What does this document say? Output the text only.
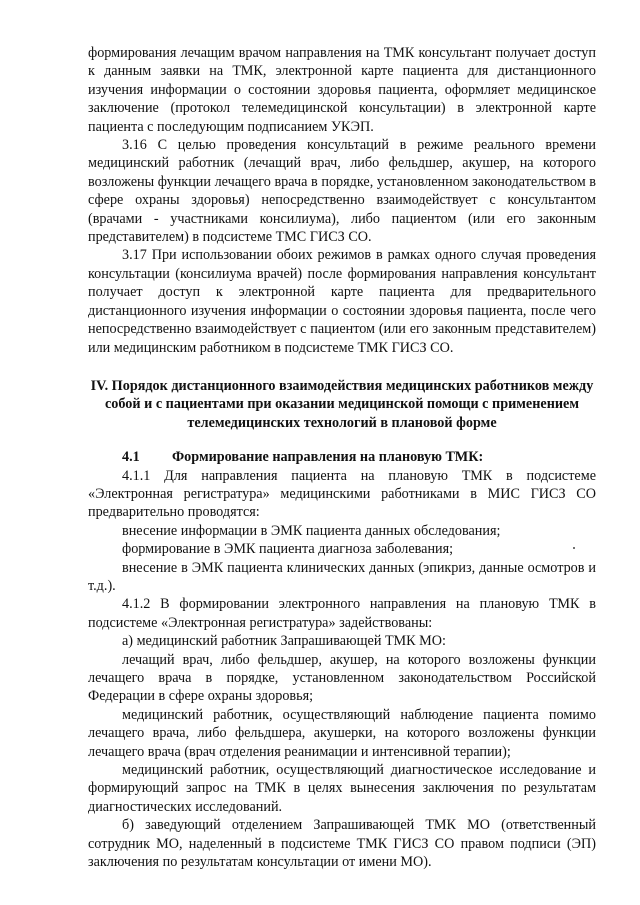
формирования лечащим врачом направления на ТМК консультант получает доступ к данным заявки на ТМК, электронной карте пациента для дистанционного изучения информации о состоянии здоровья пациента, оформляет медицинское заключение (протокол телемедицинской консультации) в электронной карте пациента с последующим подписанием УКЭП.

3.16 С целью проведения консультаций в режиме реального времени медицинский работник (лечащий врач, либо фельдшер, акушер, на которого возложены функции лечащего врача в порядке, установленном законодательством в сфере охраны здоровья) непосредственно взаимодействует с консультантом (врачами - участниками консилиума), либо пациентом (или его законным представителем) в подсистеме ТМС ГИСЗ СО.

3.17 При использовании обоих режимов в рамках одного случая проведения консультации (консилиума врачей) после формирования направления консультант получает доступ к электронной карте пациента для предварительного дистанционного изучения информации о состоянии здоровья пациента, после чего непосредственно взаимодействует с пациентом (или его законным представителем) или медицинским работником в подсистеме ТМК ГИСЗ СО.

IV. Порядок дистанционного взаимодействия медицинских работников между собой и с пациентами при оказании медицинской помощи с применением телемедицинских технологий в плановой форме
4.1 Формирование направления на плановую ТМК:

4.1.1 Для направления пациента на плановую ТМК в подсистеме «Электронная регистратура» медицинскими работниками в МИС ГИСЗ СО предварительно проводятся:

внесение информации в ЭМК пациента данных обследования;

формирование в ЭМК пациента диагноза заболевания;

внесение в ЭМК пациента клинических данных (эпикриз, данные осмотров и т.д.).

4.1.2 В формировании электронного направления на плановую ТМК в подсистеме «Электронная регистратура» задействованы:

а) медицинский работник Запрашивающей ТМК МО:

лечащий врач, либо фельдшер, акушер, на которого возложены функции лечащего врача в порядке, установленном законодательством Российской Федерации в сфере охраны здоровья;

медицинский работник, осуществляющий наблюдение пациента помимо лечащего врача, либо фельдшера, акушерки, на которого возложены функции лечащего врача (врач отделения реанимации и интенсивной терапии);

медицинский работник, осуществляющий диагностическое исследование и формирующий запрос на ТМК в целях вынесения заключения по результатам диагностических исследований.

б) заведующий отделением Запрашивающей ТМК МО (ответственный сотрудник МО, наделенный в подсистеме ТМК ГИСЗ СО правом подписи (ЭП) заключения по результатам консультации от имени МО).
